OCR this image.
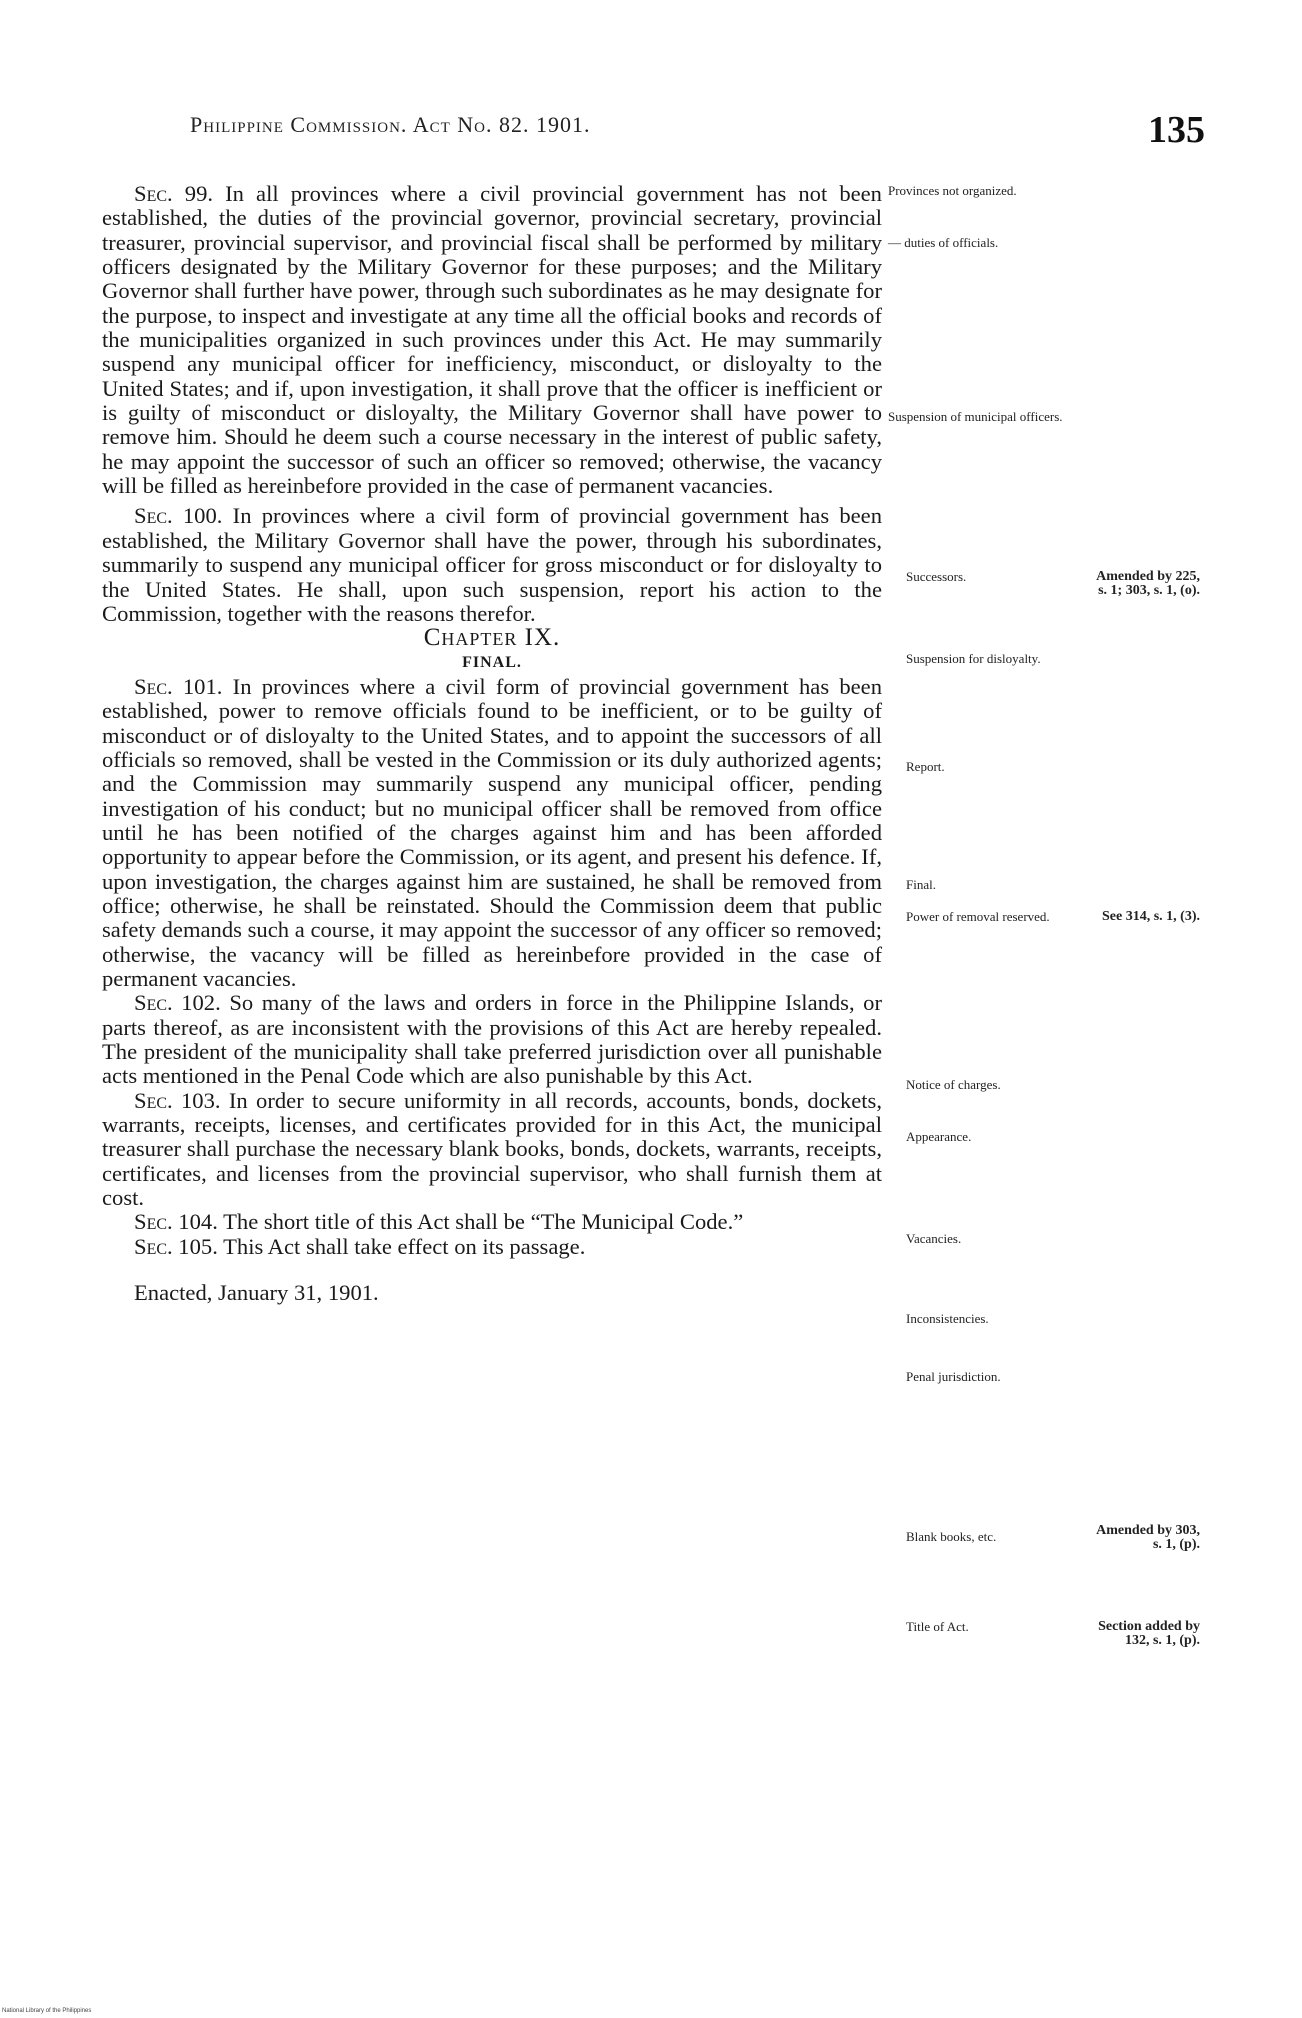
Philippine Commission. Act No. 82. 1901.	135

Sec. 99. In all provinces where a civil provincial government has not been established, the duties of the provincial governor, provincial secretary, provincial treasurer, provincial supervisor, and provincial fiscal shall be performed by military officers designated by the Military Governor for these purposes; and the Military Governor shall further have power, through such subordinates as he may designate for the purpose, to inspect and investigate at any time all the official books and records of the municipalities organized in such provinces under this Act. He may summarily suspend any municipal officer for inefficiency, misconduct, or disloyalty to the United States; and if, upon investigation, it shall prove that the officer is inefficient or is guilty of misconduct or disloyalty, the Military Governor shall have power to remove him. Should he deem such a course necessary in the interest of public safety, he may appoint the successor of such an officer so removed; otherwise, the vacancy will be filled as hereinbefore provided in the case of permanent vacancies.

Sec. 100. In provinces where a civil form of provincial government has been established, the Military Governor shall have the power, through his subordinates, summarily to suspend any municipal officer for gross misconduct or for disloyalty to the United States. He shall, upon such suspension, report his action to the Commission, together with the reasons therefor.

Chapter IX.

FINAL.

Sec. 101. In provinces where a civil form of provincial government has been established, power to remove officials found to be inefficient, or to be guilty of misconduct or of disloyalty to the United States, and to appoint the successors of all officials so removed, shall be vested in the Commission or its duly authorized agents; and the Commission may summarily suspend any municipal officer, pending investigation of his conduct; but no municipal officer shall be removed from office until he has been notified of the charges against him and has been afforded opportunity to appear before the Commission, or its agent, and present his defence. If, upon investigation, the charges against him are sustained, he shall be removed from office; otherwise, he shall be reinstated. Should the Commission deem that public safety demands such a course, it may appoint the successor of any officer so removed; otherwise, the vacancy will be filled as hereinbefore provided in the case of permanent vacancies.

Sec. 102. So many of the laws and orders in force in the Philippine Islands, or parts thereof, as are inconsistent with the provisions of this Act are hereby repealed. The president of the municipality shall take preferred jurisdiction over all punishable acts mentioned in the Penal Code which are also punishable by this Act.

Sec. 103. In order to secure uniformity in all records, accounts, bonds, dockets, warrants, receipts, licenses, and certificates provided for in this Act, the municipal treasurer shall purchase the necessary blank books, bonds, dockets, warrants, receipts, certificates, and licenses from the provincial supervisor, who shall furnish them at cost.

Sec. 104. The short title of this Act shall be “The Municipal Code.”

Sec. 105. This Act shall take effect on its passage.

Enacted, January 31, 1901.

Provinces not organized.
— duties of officials.
Suspension of municipal officers.
Successors.
Suspension for disloyalty.
Report.
Final.
Power of removal reserved.
Notice of charges.
Appearance.
Vacancies.
Inconsistencies.
Penal jurisdiction.
Blank books, etc.
Title of Act.
Amended by 225, s. 1; 303, s. 1, (o).
See 314, s. 1, (3).
Amended by 303, s. 1, (p).
Section added by 132, s. 1, (p).
National Library of the Philippines
